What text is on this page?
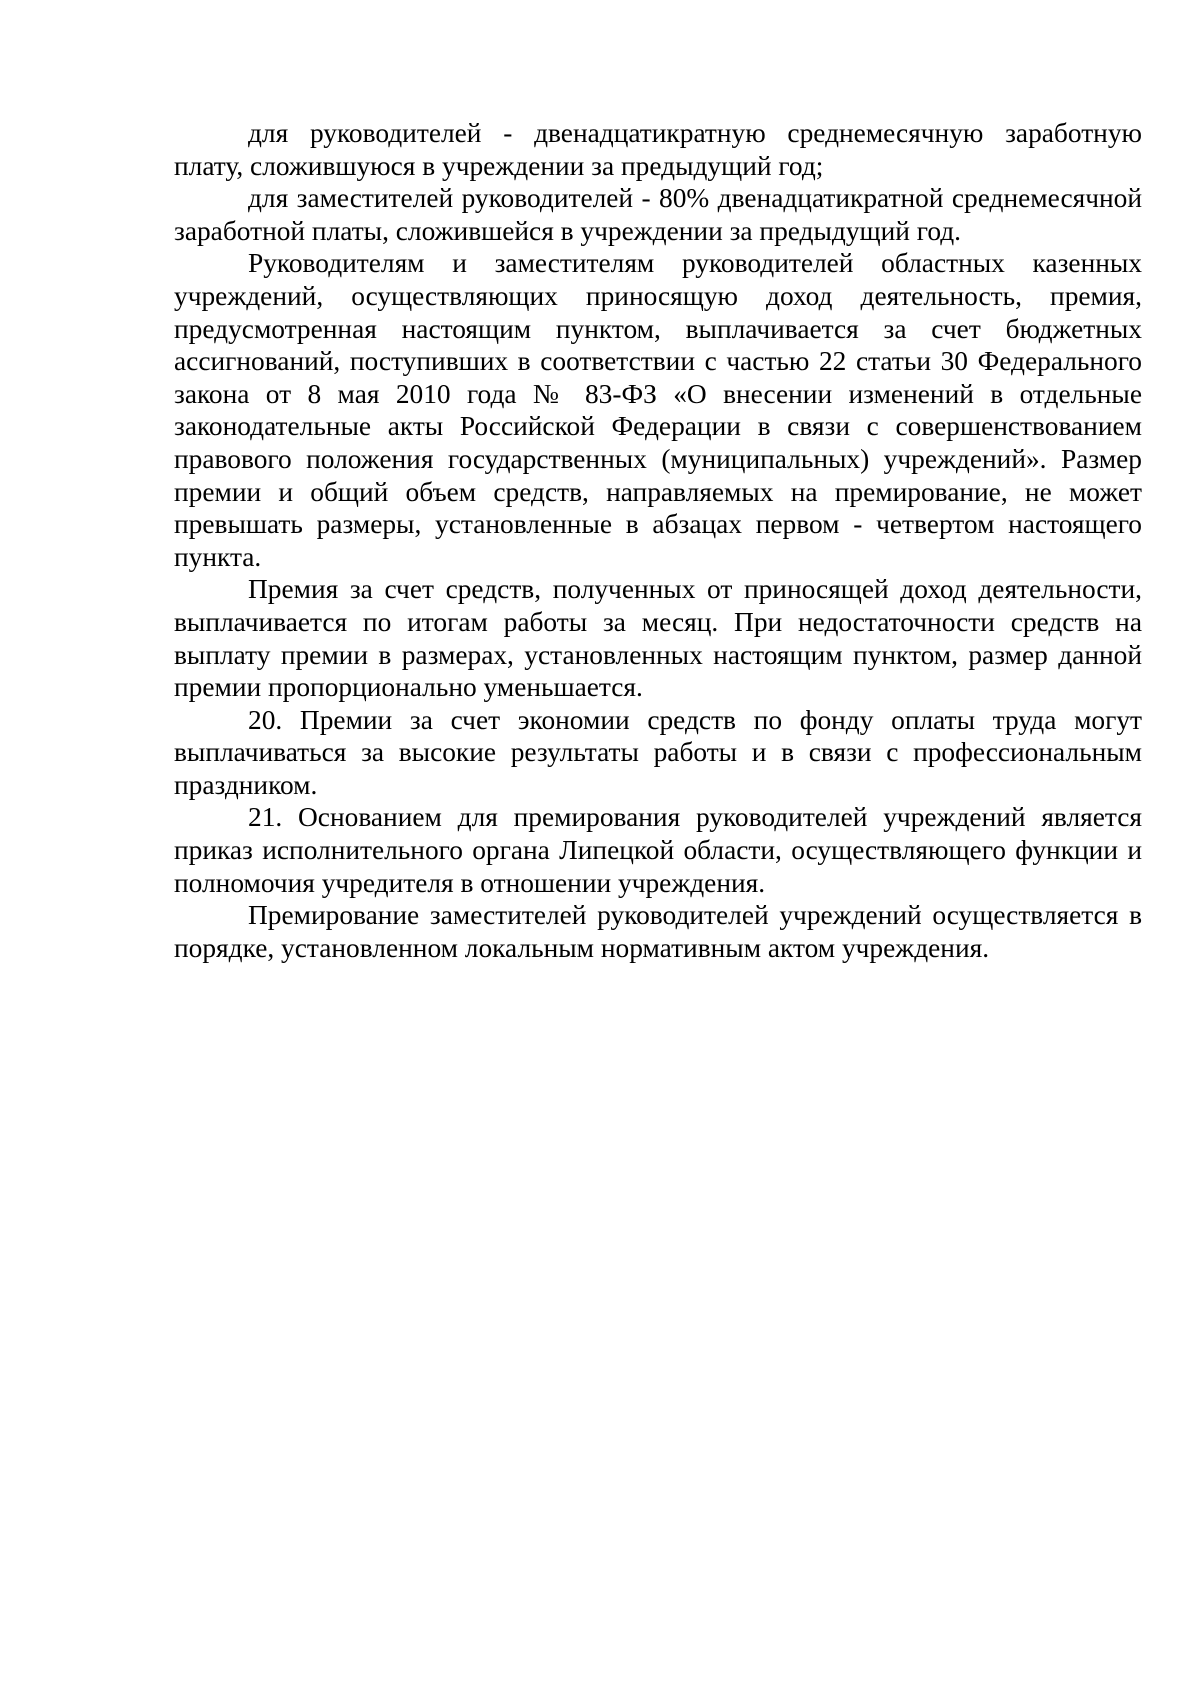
для руководителей - двенадцатикратную среднемесячную заработную плату, сложившуюся в учреждении за предыдущий год;

для заместителей руководителей - 80% двенадцатикратной среднемесячной заработной платы, сложившейся в учреждении за предыдущий год.

Руководителям и заместителям руководителей областных казенных учреждений, осуществляющих приносящую доход деятельность, премия, предусмотренная настоящим пунктом, выплачивается за счет бюджетных ассигнований, поступивших в соответствии с частью 22 статьи 30 Федерального закона от 8 мая 2010 года № 83-ФЗ «О внесении изменений в отдельные законодательные акты Российской Федерации в связи с совершенствованием правового положения государственных (муниципальных) учреждений». Размер премии и общий объем средств, направляемых на премирование, не может превышать размеры, установленные в абзацах первом - четвертом настоящего пункта.

Премия за счет средств, полученных от приносящей доход деятельности, выплачивается по итогам работы за месяц. При недостаточности средств на выплату премии в размерах, установленных настоящим пунктом, размер данной премии пропорционально уменьшается.

20. Премии за счет экономии средств по фонду оплаты труда могут выплачиваться за высокие результаты работы и в связи с профессиональным праздником.

21. Основанием для премирования руководителей учреждений является приказ исполнительного органа Липецкой области, осуществляющего функции и полномочия учредителя в отношении учреждения.

Премирование заместителей руководителей учреждений осуществляется в порядке, установленном локальным нормативным актом учреждения.
